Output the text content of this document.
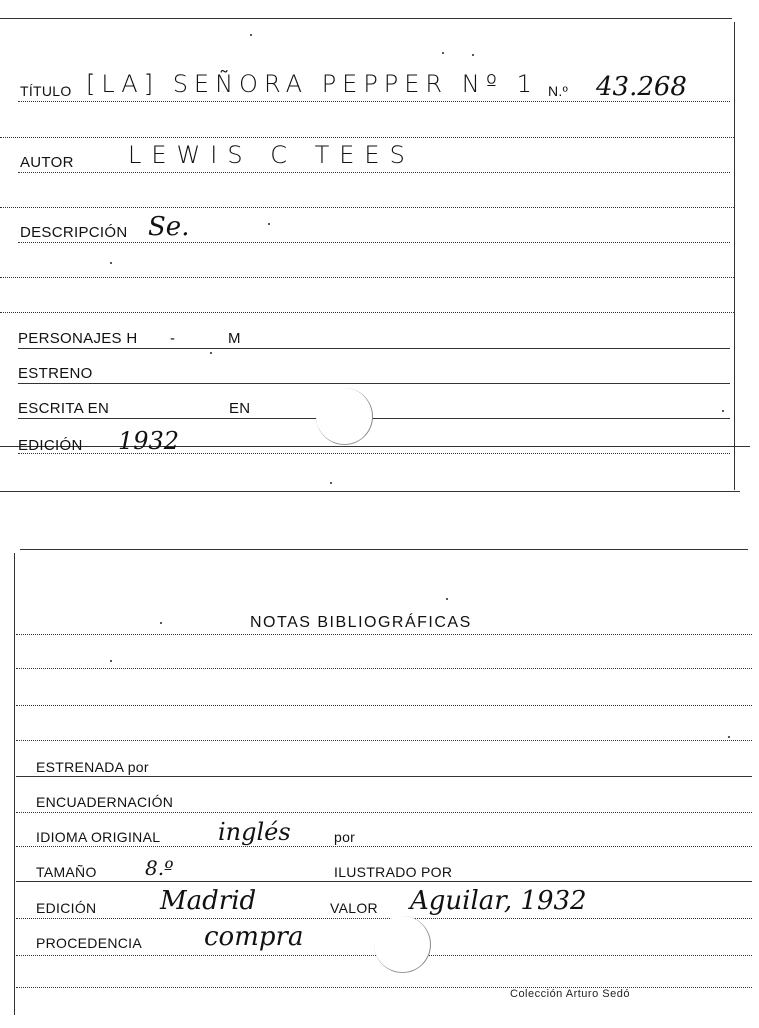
TÍTULO [LA] SEÑORA PEPPER Nº 1 N.º 43.268
AUTOR LEWIS C TEES
DESCRIPCIÓN Se.
PERSONAJES H -	M
ESTRENO
ESCRITA EN	EN
EDICIÓN 1932
NOTAS BIBLIOGRÁFICAS
ESTRENADA por
ENCUADERNACIÓN
IDIOMA ORIGINAL inglés	por
TAMAÑO 8.º	ILUSTRADO POR
EDICIÓN Madrid	VALOR Aguilar, 1932
PROCEDENCIA compra
Colección Arturo Sedó
